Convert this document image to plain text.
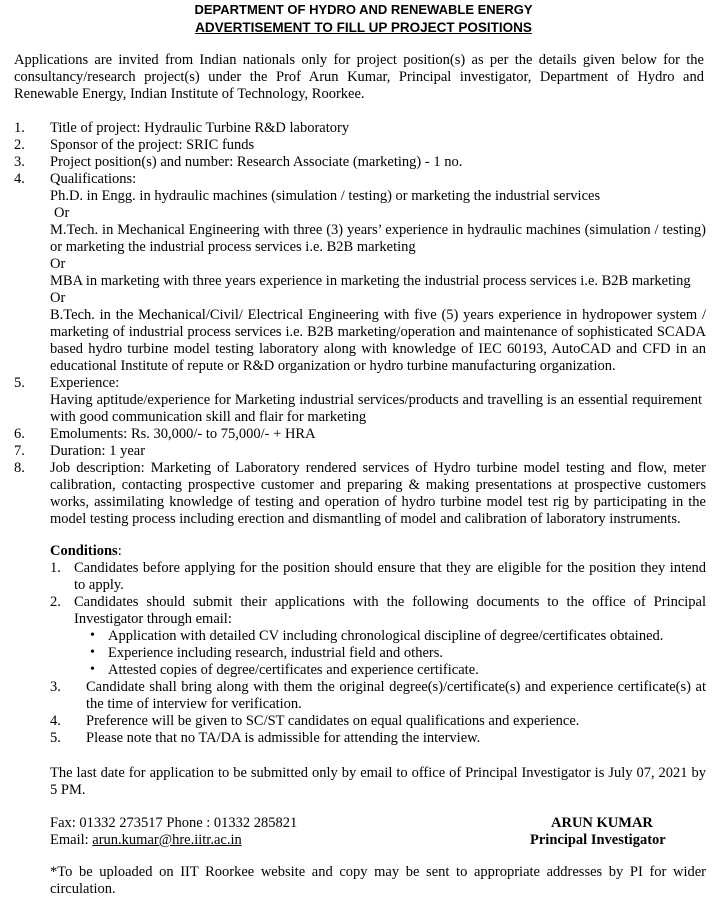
DEPARTMENT OF HYDRO AND RENEWABLE ENERGY
ADVERTISEMENT TO FILL UP PROJECT POSITIONS
Applications are invited from Indian nationals only for project position(s) as per the details given below for the consultancy/research project(s) under the Prof Arun Kumar, Principal investigator, Department of Hydro and Renewable Energy, Indian Institute of Technology, Roorkee.
1. Title of project: Hydraulic Turbine R&D laboratory
2. Sponsor of the project: SRIC funds
3. Project position(s) and number: Research Associate (marketing) - 1 no.
4. Qualifications:
Ph.D. in Engg. in hydraulic machines (simulation / testing) or marketing the industrial services
Or
M.Tech. in Mechanical Engineering with three (3) years’ experience in hydraulic machines (simulation / testing) or marketing the industrial process services i.e. B2B marketing
Or
MBA in marketing with three years experience in marketing the industrial process services i.e. B2B marketing
Or
B.Tech. in the Mechanical/Civil/ Electrical Engineering with five (5) years experience in hydropower system / marketing of industrial process services i.e. B2B marketing/operation and maintenance of sophisticated SCADA based hydro turbine model testing laboratory along with knowledge of IEC 60193, AutoCAD and CFD in an educational Institute of repute or R&D organization or hydro turbine manufacturing organization.
5. Experience:
Having aptitude/experience for Marketing industrial services/products and travelling is an essential requirement with good communication skill and flair for marketing
6. Emoluments: Rs. 30,000/- to 75,000/- + HRA
7. Duration: 1 year
8. Job description: Marketing of Laboratory rendered services of Hydro turbine model testing and flow, meter calibration, contacting prospective customer and preparing & making presentations at prospective customers works, assimilating knowledge of testing and operation of hydro turbine model test rig by participating in the model testing process including erection and dismantling of model and calibration of laboratory instruments.
Conditions:
1. Candidates before applying for the position should ensure that they are eligible for the position they intend to apply.
2. Candidates should submit their applications with the following documents to the office of Principal Investigator through email:
• Application with detailed CV including chronological discipline of degree/certificates obtained.
• Experience including research, industrial field and others.
• Attested copies of degree/certificates and experience certificate.
3. Candidate shall bring along with them the original degree(s)/certificate(s) and experience certificate(s) at the time of interview for verification.
4. Preference will be given to SC/ST candidates on equal qualifications and experience.
5. Please note that no TA/DA is admissible for attending the interview.
The last date for application to be submitted only by email to office of Principal Investigator is July 07, 2021 by 5 PM.
Fax: 01332 273517 Phone : 01332 285821
Email: arun.kumar@hre.iitr.ac.in
ARUN KUMAR
Principal Investigator
*To be uploaded on IIT Roorkee website and copy may be sent to appropriate addresses by PI for wider circulation.
